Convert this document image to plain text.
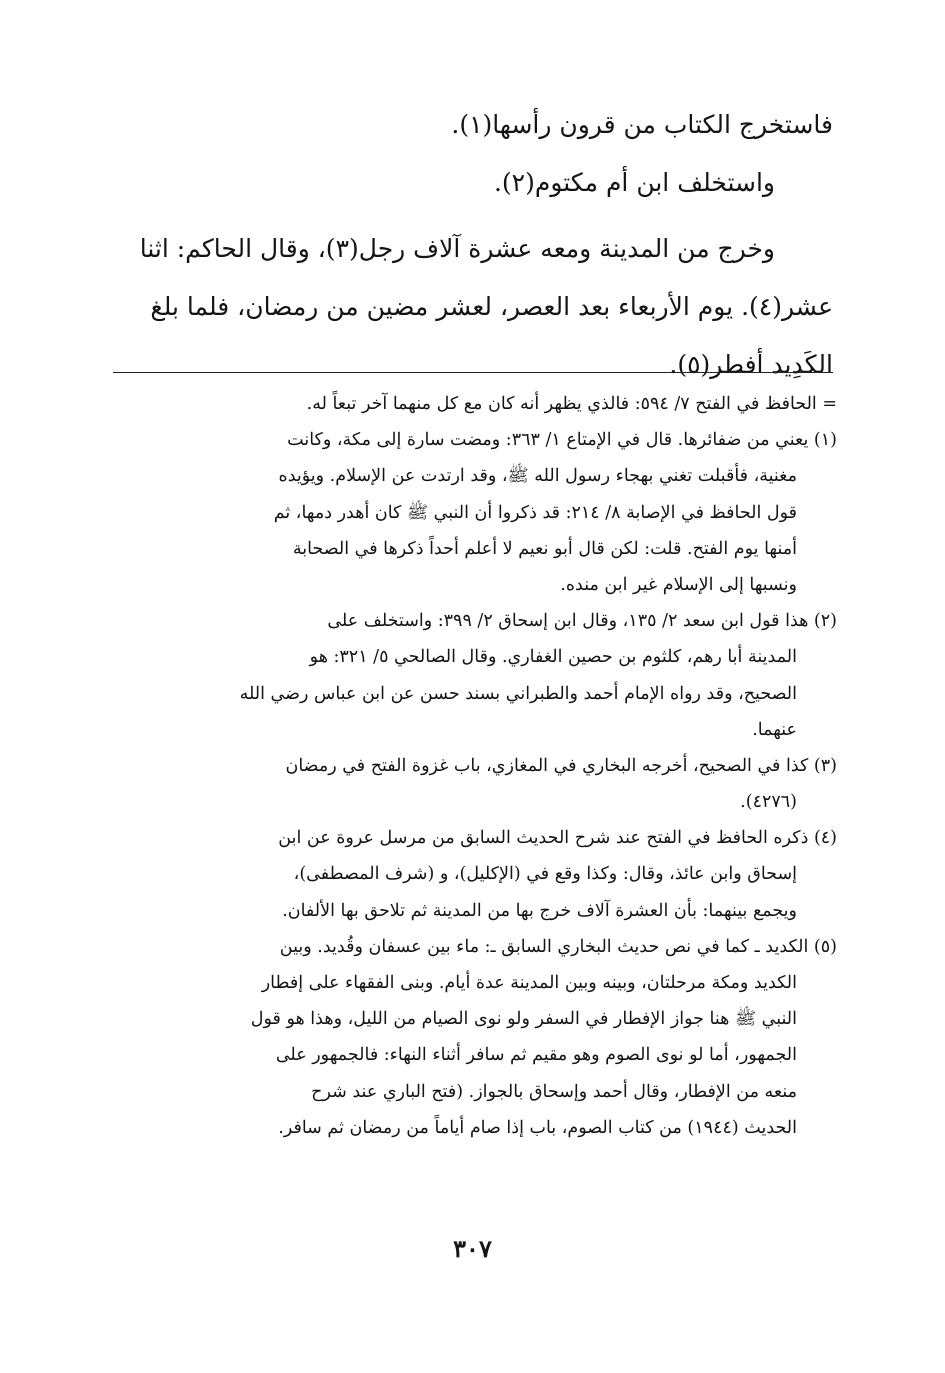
فاستخرج الكتاب من قرون رأسها(١).
واستخلف ابن أم مكتوم(٢).
وخرج من المدينة ومعه عشرة آلاف رجل(٣)، وقال الحاكم: اثنا
عشر(٤). يوم الأربعاء بعد العصر، لعشر مضين من رمضان، فلما بلغ
الكَدِيد أفطر(٥).
= الحافظ في الفتح ٧/ ٥٩٤: فالذي يظهر أنه كان مع كل منهما آخر تبعاً له.
(١) يعني من ضفائرها. قال في الإمتاع ١/ ٣٦٣: ومضت سارة إلى مكة، وكانت
مغنية، فأقبلت تغني بهجاء رسول الله ﷺ، وقد ارتدت عن الإسلام. ويؤيده
قول الحافظ في الإصابة ٨/ ٢١٤: قد ذكروا أن النبي ﷺ كان أهدر دمها، ثم
أمنها يوم الفتح. قلت: لكن قال أبو نعيم لا أعلم أحداً ذكرها في الصحابة
ونسبها إلى الإسلام غير ابن منده.
(٢) هذا قول ابن سعد ٢/ ١٣٥، وقال ابن إسحاق ٢/ ٣٩٩: واستخلف على
المدينة أبا رهم، كلثوم بن حصين الغفاري. وقال الصالحي ٥/ ٣٢١: هو
الصحيح، وقد رواه الإمام أحمد والطبراني بسند حسن عن ابن عباس رضي الله
عنهما.
(٣) كذا في الصحيح، أخرجه البخاري في المغازي، باب غزوة الفتح في رمضان
(٤٢٧٦).
(٤) ذكره الحافظ في الفتح عند شرح الحديث السابق من مرسل عروة عن ابن
إسحاق وابن عائذ، وقال: وكذا وقع في (الإكليل)، و (شرف المصطفى)،
ويجمع بينهما: بأن العشرة آلاف خرج بها من المدينة ثم تلاحق بها الألفان.
(٥) الكديد ـ كما في نص حديث البخاري السابق ـ: ماء بين عسفان وقُديد. وبين
الكديد ومكة مرحلتان، وبينه وبين المدينة عدة أيام. وبنى الفقهاء على إفطار
النبي ﷺ هنا جواز الإفطار في السفر ولو نوى الصيام من الليل، وهذا هو قول
الجمهور، أما لو نوى الصوم وهو مقيم ثم سافر أثناء النهاء: فالجمهور على
منعه من الإفطار، وقال أحمد وإسحاق بالجواز. (فتح الباري عند شرح
الحديث (١٩٤٤) من كتاب الصوم، باب إذا صام أياماً من رمضان ثم سافر.
٣٠٧
